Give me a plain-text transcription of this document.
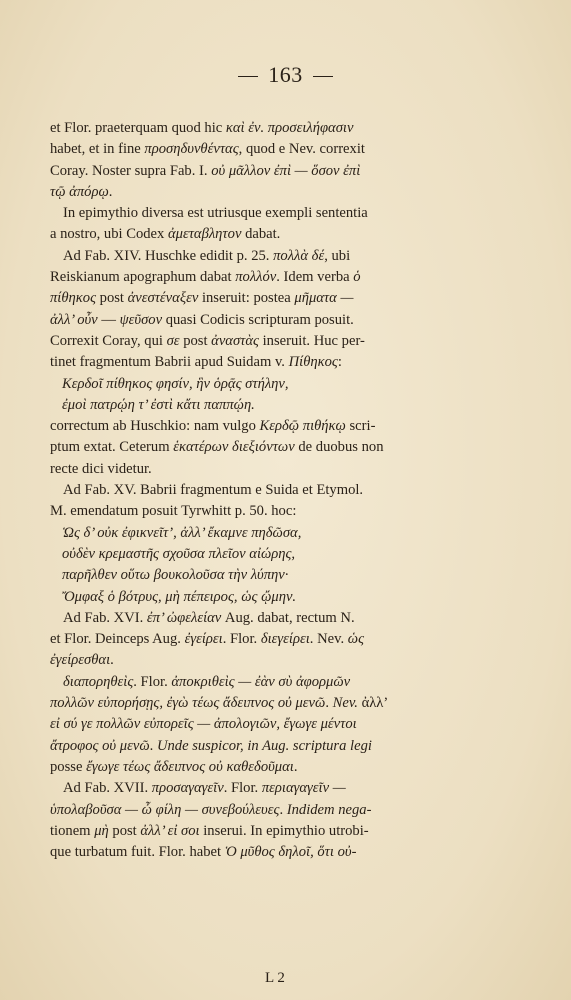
163

et Flor. praeterquam quod hic καὶ ἐν. προσειλήφασιν

habet, et in fine προσηδυνθέντας, quod e Nev. correxit

Coray. Noster supra Fab. I. οὐ μᾶλλον ἐπὶ — ὅσον ἐπὶ

τῷ ἀπόρῳ.

In epimythio diversa est utriusque exempli sententia

a nostro, ubi Codex ἀμεταβλητον dabat.

Ad Fab. XIV. Huschke edidit p. 25. πολλὰ δέ, ubi

Reiskianum apographum dabat πολλόν. Idem verba ὁ

πίθηκος post ἀνεστέναξεν inseruit: postea μῆματα —

ἀλλ’ οὖν — ψεῦσον quasi Codicis scripturam posuit.

Correxit Coray, qui σε post ἀναστὰς inseruit. Huc per-

tinet fragmentum Babrii apud Suidam v. Πίθηκος:

Κερδοῖ πίθηκος φησίν, ἣν ὁρᾷς στήλην,

ἐμοὶ πατρῴη τ’ ἐστὶ κἄτι παππῴη.

correctum ab Huschkio: nam vulgo Κερδῷ πιθήκῳ scri-

ptum extat. Ceterum ἑκατέρων διεξιόντων de duobus non

recte dici videtur.

Ad Fab. XV. Babrii fragmentum e Suida et Etymol.

M. emendatum posuit Tyrwhitt p. 50. hoc:

Ὡς δ’ οὐκ ἐφικνεῖτ’, ἀλλ’ ἔκαμνε πηδῶσα,

οὐδὲν κρεμαστῆς σχοῦσα πλεῖον αἰώρης,

παρῆλθεν οὕτω βουκολοῦσα τὴν λύπην·

Ὄμφαξ ὁ βότρυς, μὴ πέπειρος, ὡς ᾤμην.

Ad Fab. XVI. ἐπ’ ὠφελείαν Aug. dabat, rectum N.

et Flor. Deinceps Aug. ἐγείρει. Flor. διεγείρει. Nev. ὡς

ἐγείρεσθαι.

διαπορηθεὶς. Flor. ἀποκριθεὶς — ἐὰν σὺ ἀφορμῶν

πολλῶν εὐπορήσῃς, ἐγὼ τέως ἄδειπνος οὐ μενῶ. Nev. ἀλλ’

εἰ σύ γε πολλῶν εὐπορεῖς — ἀπολογιῶν, ἔγωγε μέντοι

ἄτροφος οὐ μενῶ. Unde suspicor, in Aug. scriptura legi

posse ἔγωγε τέως ἄδειπνος οὐ καθεδοῦμαι.

Ad Fab. XVII. προσαγαγεῖν. Flor. περιαγαγεῖν —

ὑπολαβοῦσα — ὦ φίλη — συνεβούλευες. Indidem nega-

tionem μὴ post ἀλλ’ εἰ σοι inserui. In epimythio utrobi-

que turbatum fuit. Flor. habet Ὁ μῦθος δηλοῖ, ὅτι οὐ-

L 2
